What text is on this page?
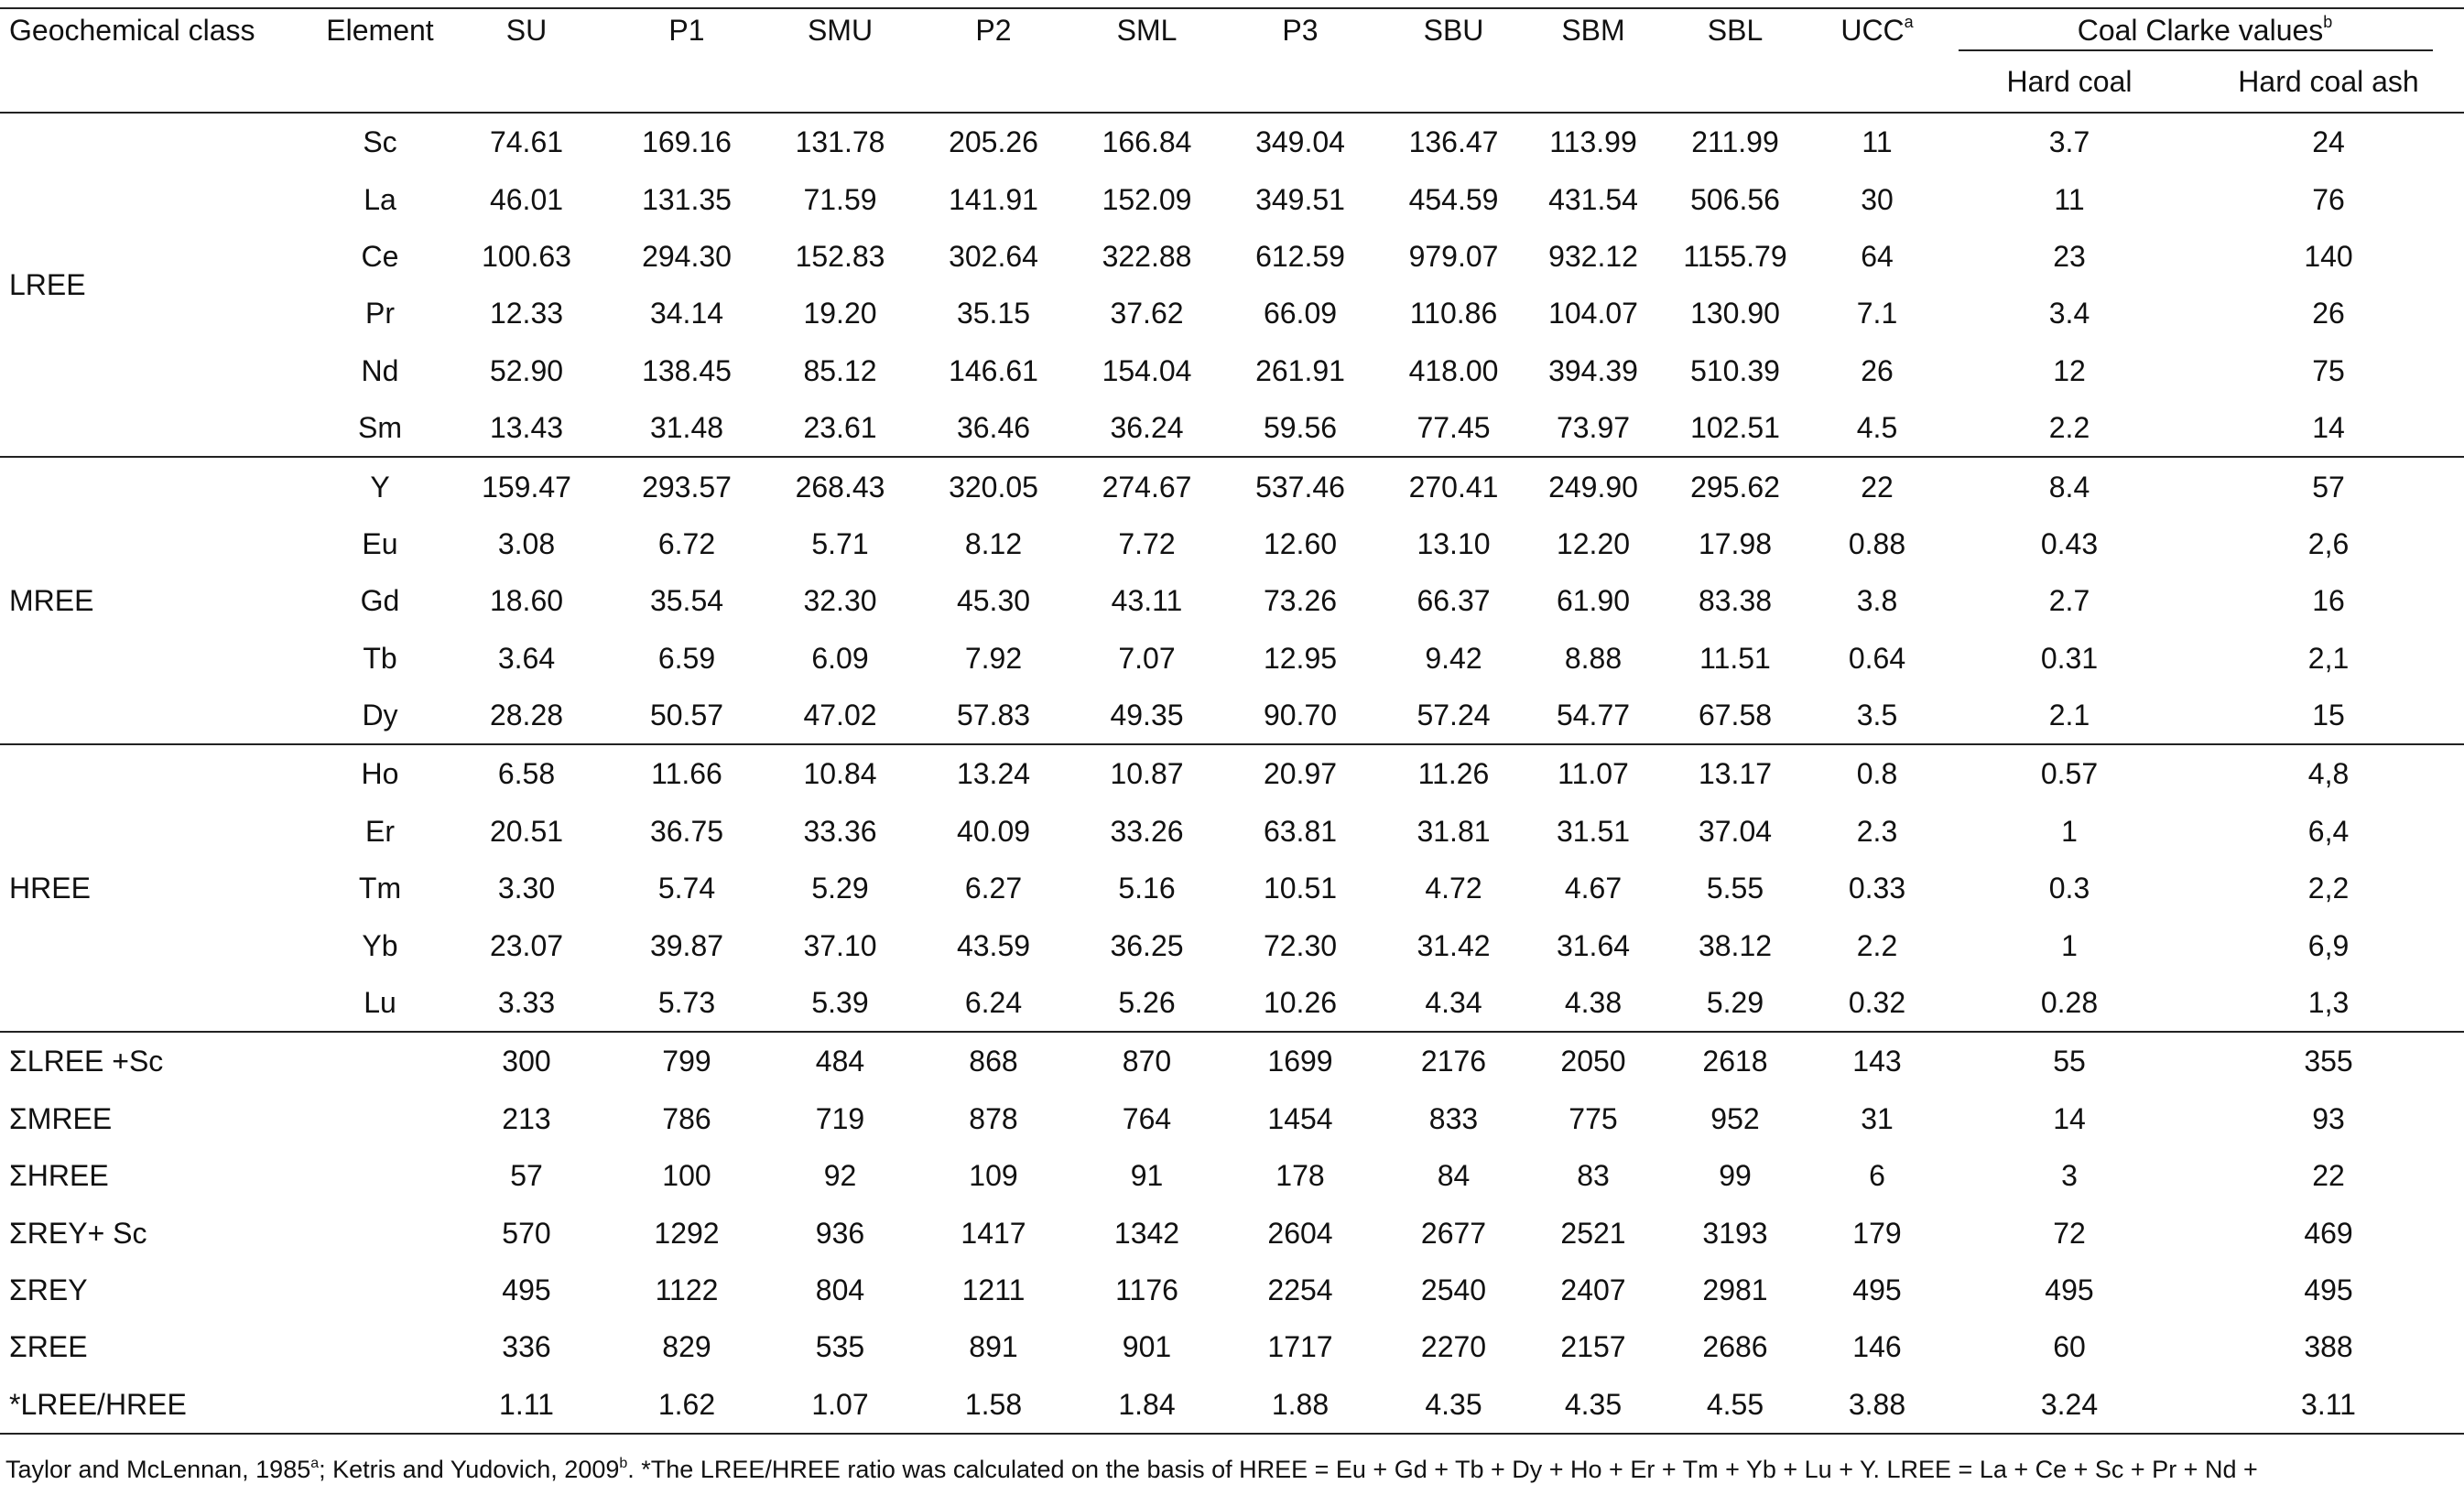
Geochemical class	Element	SU	P1	SMU	P2	SML	P3	SBU	SBM	SBL	UCC$^a$	Coal Clarke values$^b$

												Hard coal	Hard coal ash
LREE	Sc	74.61	169.16	131.78	205.26	166.84	349.04	136.47	113.99	211.99	11	3.7	24
	La	46.01	131.35	71.59	141.91	152.09	349.51	454.59	431.54	506.56	30	11	76
	Ce	100.63	294.30	152.83	302.64	322.88	612.59	979.07	932.12	1155.79	64	23	140
	Pr	12.33	34.14	19.20	35.15	37.62	66.09	110.86	104.07	130.90	7.1	3.4	26
	Nd	52.90	138.45	85.12	146.61	154.04	261.91	418.00	394.39	510.39	26	12	75
	Sm	13.43	31.48	23.61	36.46	36.24	59.56	77.45	73.97	102.51	4.5	2.2	14
MREE	Y	159.47	293.57	268.43	320.05	274.67	537.46	270.41	249.90	295.62	22	8.4	57
	Eu	3.08	6.72	5.71	8.12	7.72	12.60	13.10	12.20	17.98	0.88	0.43	2,6
	Gd	18.60	35.54	32.30	45.30	43.11	73.26	66.37	61.90	83.38	3.8	2.7	16
	Tb	3.64	6.59	6.09	7.92	7.07	12.95	9.42	8.88	11.51	0.64	0.31	2,1
	Dy	28.28	50.57	47.02	57.83	49.35	90.70	57.24	54.77	67.58	3.5	2.1	15
HREE	Ho	6.58	11.66	10.84	13.24	10.87	20.97	11.26	11.07	13.17	0.8	0.57	4,8
	Er	20.51	36.75	33.36	40.09	33.26	63.81	31.81	31.51	37.04	2.3	1	6,4
	Tm	3.30	5.74	5.29	6.27	5.16	10.51	4.72	4.67	5.55	0.33	0.3	2,2
	Yb	23.07	39.87	37.10	43.59	36.25	72.30	31.42	31.64	38.12	2.2	1	6,9
	Lu	3.33	5.73	5.39	6.24	5.26	10.26	4.34	4.38	5.29	0.32	0.28	1,3
ΣLREE +Sc		300	799	484	868	870	1699	2176	2050	2618	143	55	355
ΣMREE		213	786	719	878	764	1454	833	775	952	31	14	93
ΣHREE		57	100	92	109	91	178	84	83	99	6	3	22
ΣREY+ Sc		570	1292	936	1417	1342	2604	2677	2521	3193	179	72	469
ΣREY		495	1122	804	1211	1176	2254	2540	2407	2981	495	495	495
ΣREE		336	829	535	891	901	1717	2270	2157	2686	146	60	388
*LREE/HREE		1.11	1.62	1.07	1.58	1.84	1.88	4.35	4.35	4.55	3.88	3.24	3.11
Taylor and McLennan, 1985$^a$; Ketris and Yudovich, 2009$^b$. *The LREE/HREE ratio was calculated on the basis of HREE = Eu + Gd + Tb + Dy + Ho + Er + Tm + Yb + Lu + Y. LREE = La + Ce + Sc + Pr + Nd +
